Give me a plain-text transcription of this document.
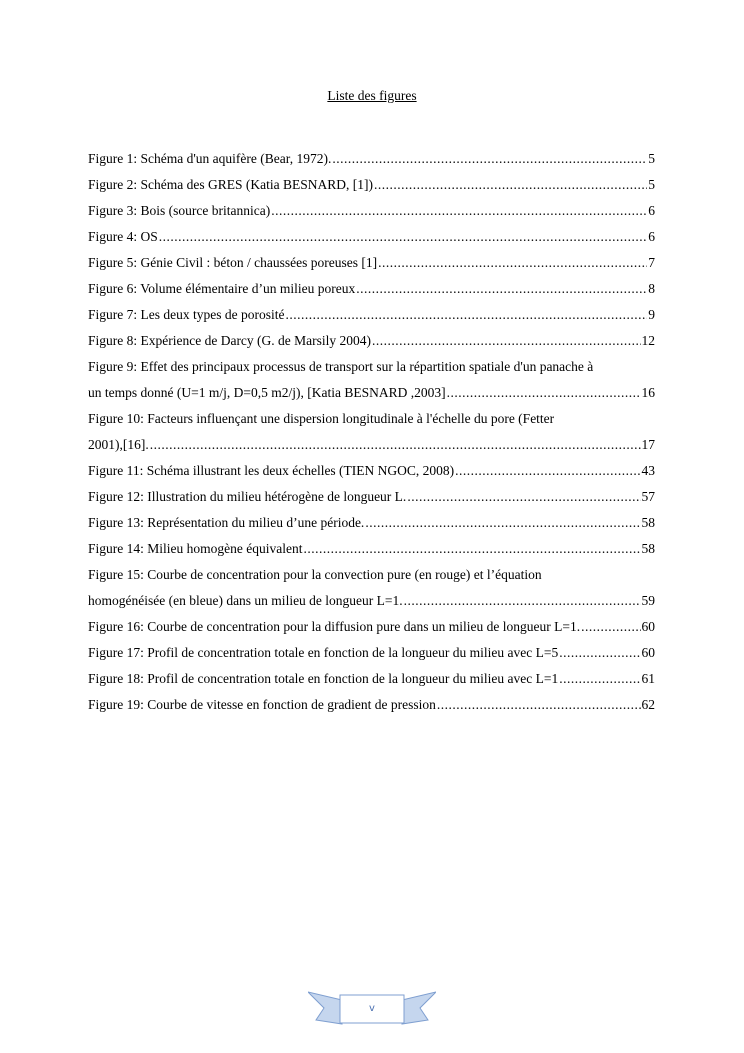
Liste des figures
Figure 1: Schéma d'un aquifère (Bear, 1972). .....	5
Figure 2: Schéma des GRES (Katia BESNARD, [1]) .....	5
Figure 3: Bois (source britannica) .....	6
Figure 4: OS .....	6
Figure 5: Génie Civil : béton / chaussées poreuses [1] .....	7
Figure 6: Volume élémentaire d’un milieu poreux .....	8
Figure 7: Les deux types de porosité .....	9
Figure 8: Expérience de Darcy (G. de Marsily 2004) .....	12
Figure 9: Effet des principaux processus de transport sur la répartition spatiale d'un panache à
un temps donné (U=1 m/j, D=0,5 m2/j), [Katia BESNARD ,2003] .....	16
Figure 10: Facteurs influençant une dispersion longitudinale à l'échelle du pore (Fetter
2001),[16]. .....	17
Figure 11: Schéma illustrant les deux échelles (TIEN NGOC, 2008) .....	43
Figure 12: Illustration du milieu hétérogène de longueur L. .....	57
Figure 13: Représentation du milieu d’une période. .....	58
Figure 14: Milieu homogène équivalent .....	58
Figure 15: Courbe de concentration pour la convection pure (en rouge) et l’équation
homogénéisée (en bleue) dans un milieu de longueur L=1. .....	59
Figure 16: Courbe de concentration pour la diffusion pure dans un milieu de longueur L=1. .....	60
Figure 17: Profil de concentration totale en fonction de la longueur du milieu avec L=5 .....	60
Figure 18: Profil de concentration totale en fonction de la longueur du milieu avec L=1 .....	61
Figure 19: Courbe de vitesse en fonction de gradient de pression .....	62
v
